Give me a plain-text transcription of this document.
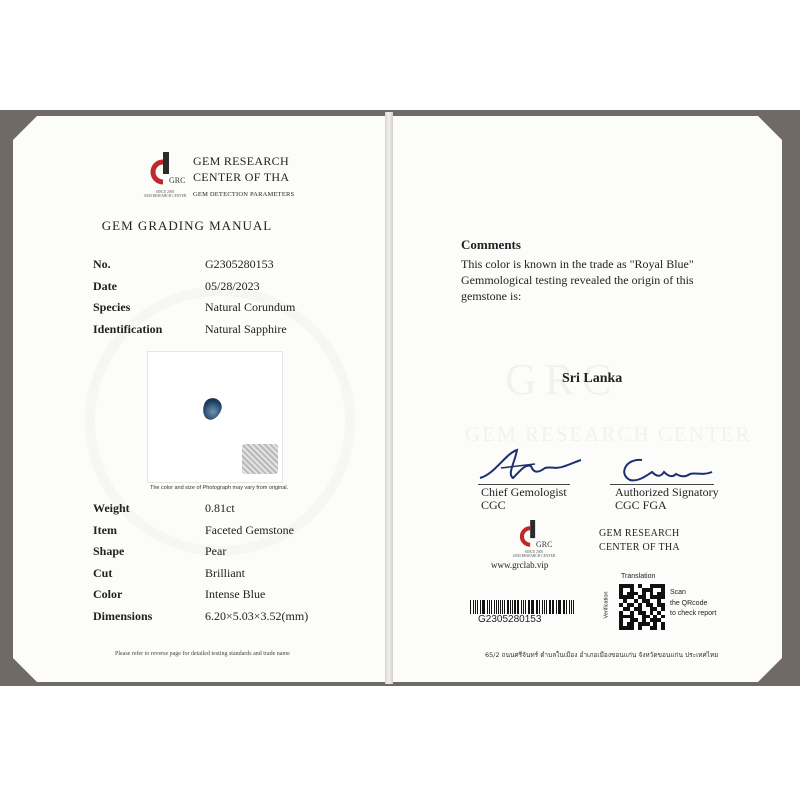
GRC
SINCE 2005
GEM RESEARCH CENTER
GEM RESEARCH
CENTER OF THA
GEM DETECTION PARAMETERS
GEM GRADING MANUAL
No.	G2305280153
Date	05/28/2023
Species	Natural Corundum
Identification	Natural Sapphire
The color and size of Photograph may vary from original.
Weight	0.81ct
Item	Faceted Gemstone
Shape	Pear
Cut	Brilliant
Color	Intense Blue
Dimensions	6.20×5.03×3.52(mm)
Please refer to reverse page for detailed testing standards and trade name
Comments
This color is known in the trade as "Royal Blue"
Gemmological testing revealed the origin of this
gemstone is:
Sri Lanka
Chief Gemologist
CGC
Authorized Signatory
CGC FGA
GRC
SINCE 2005
GEM RESEARCH CENTER
GEM RESEARCH
CENTER OF THA
www.grclab.vip
G2305280153
Translation
Verification	Scan
the QRcode
to check report
65/2 ถนนศรีจันทร์ ตำบลในเมือง อำเภอเมืองขอนแก่น จังหวัดขอนแก่น ประเทศไทย
